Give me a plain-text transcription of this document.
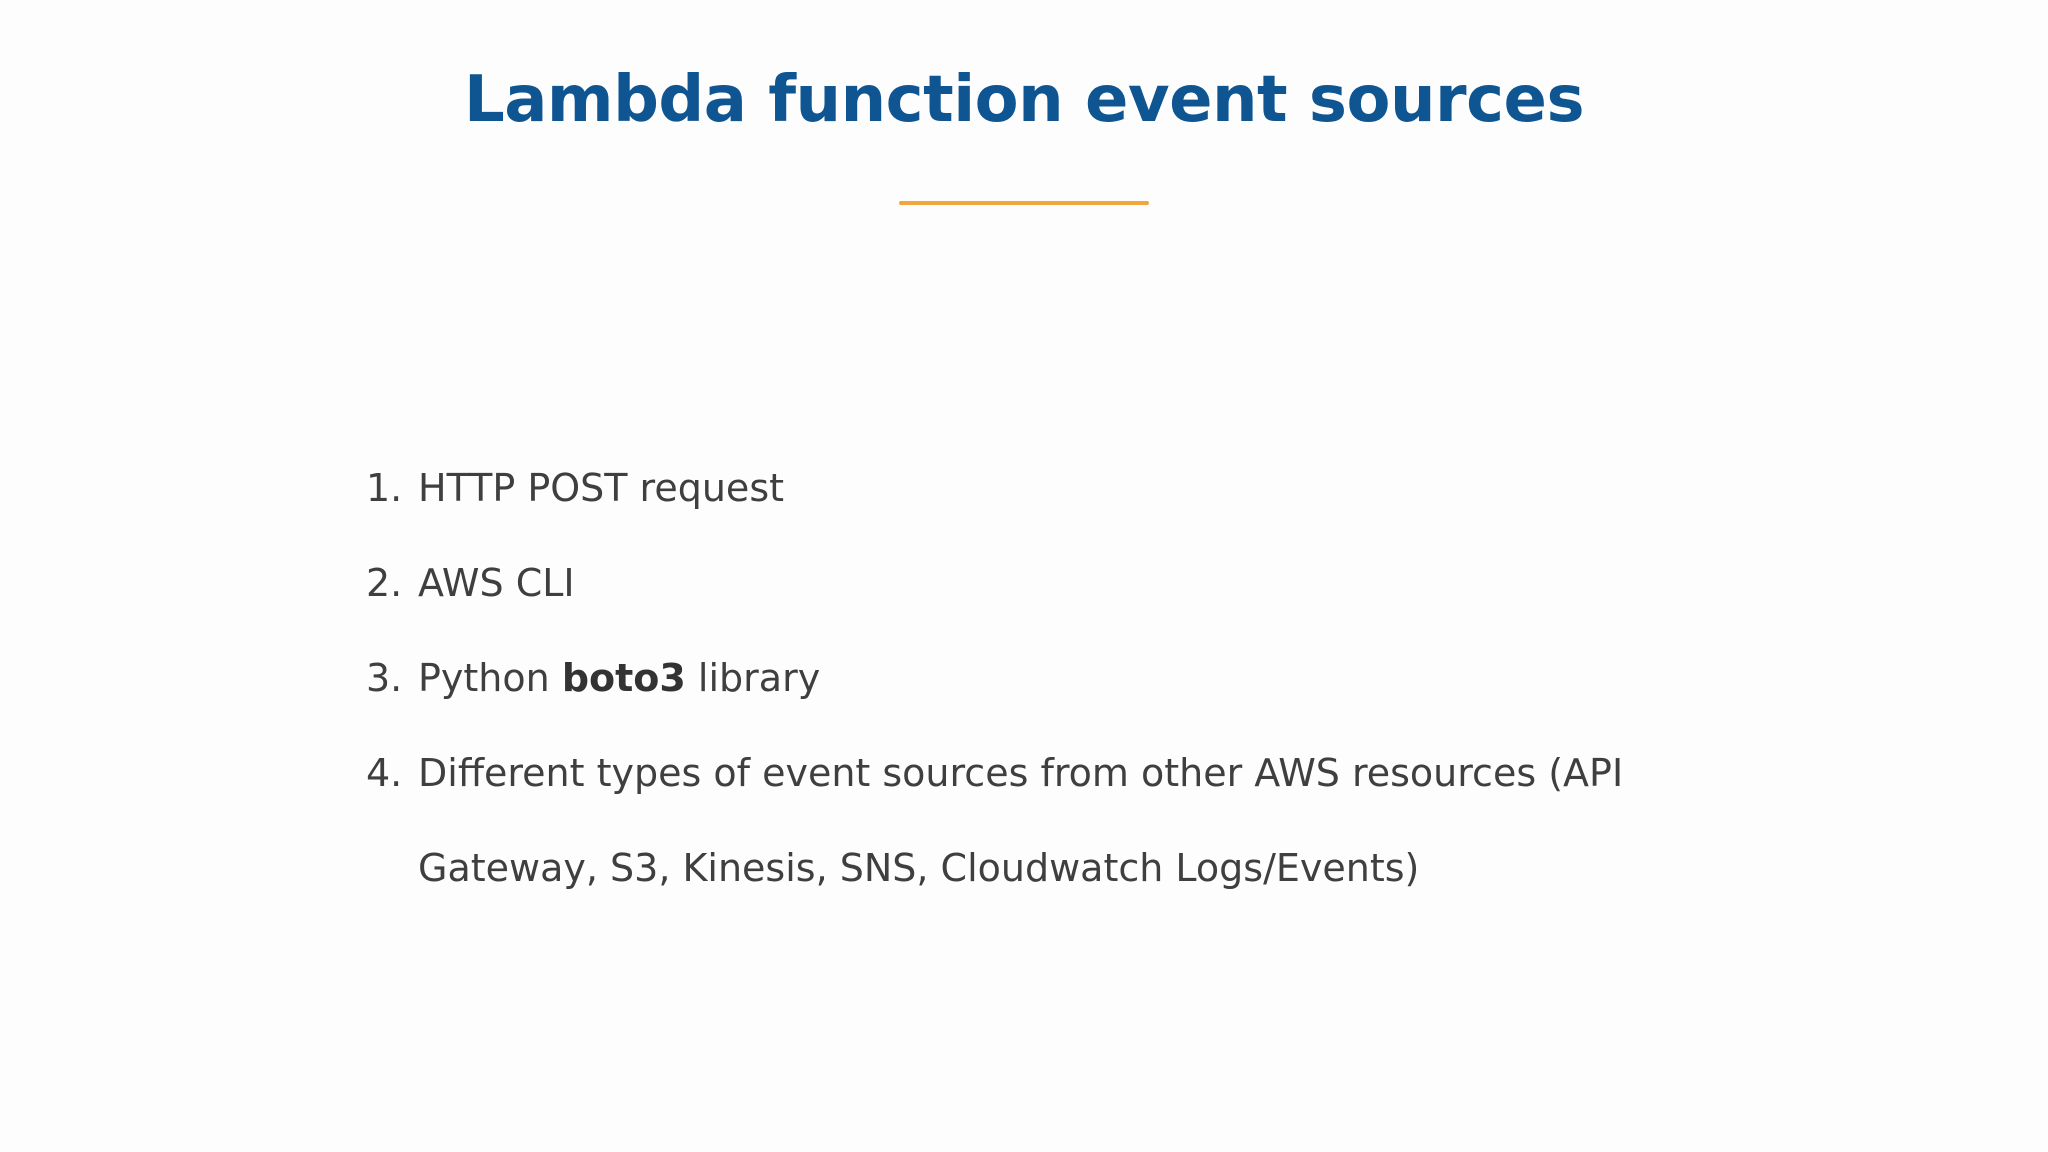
Lambda function event sources
1. HTTP POST request
2. AWS CLI
3. Python boto3 library
4. Different types of event sources from other AWS resources (API
Gateway, S3, Kinesis, SNS, Cloudwatch Logs/Events)
